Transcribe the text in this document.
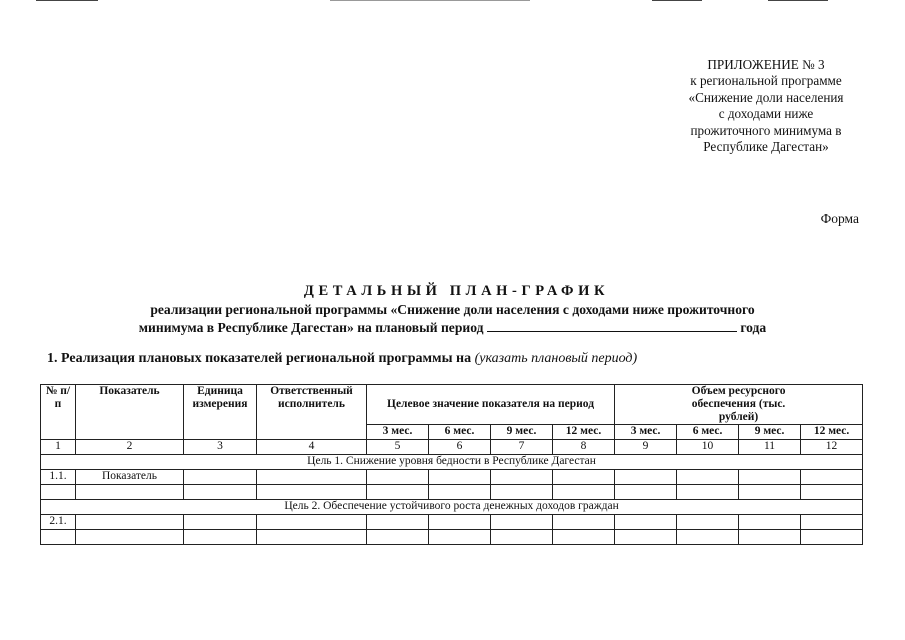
ПРИЛОЖЕНИЕ № 3
к региональной программе
«Снижение доли населения
с доходами ниже
прожиточного минимума в
Республике Дагестан»
Форма
ДЕТАЛЬНЫЙ ПЛАН-ГРАФИК
реализации региональной программы «Снижение доли населения с доходами ниже прожиточного
минимума в Республике Дагестан» на плановый период	года
1. Реализация плановых показателей региональной программы на (указать плановый период)
№ п/п	Показатель	Единица измерения	Ответственный исполнитель	Целевое значение показателя на период				Объем ресурсного обеспечения (тыс. рублей)			
				3 мес.	6 мес.	9 мес.	12 мес.	3 мес.	6 мес.	9 мес.	12 мес.
1	2	3	4	5	6	7	8	9	10	11	12
Цель 1. Снижение уровня бедности в Республике Дагестан											
1.1.	Показатель										

Цель 2. Обеспечение устойчивого роста денежных доходов граждан											
2.1.											
